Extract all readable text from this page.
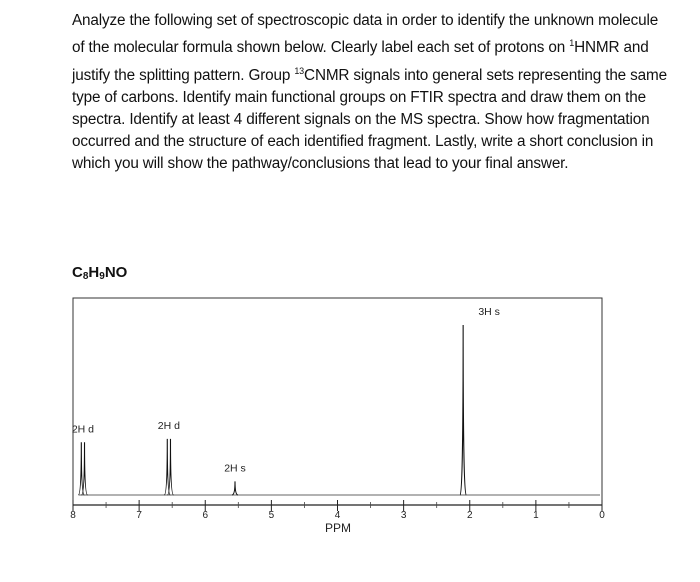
Analyze the following set of spectroscopic data in order to identify the unknown molecule of the molecular formula shown below. Clearly label each set of protons on $^1$HNMR and justify the splitting pattern. Group $^{13}$CNMR signals into general sets representing the same type of carbons. Identify main functional groups on FTIR spectra and draw them on the spectra. Identify at least 4 different signals on the MS spectra. Show how fragmentation occurred and the structure of each identified fragment. Lastly, write a short conclusion in which you will show the pathway/conclusions that lead to your final answer.
$C_8H_9NO$
8	7	6	5	4	3	2	1	0
2H d	2H d
2H s
3H s
PPM
